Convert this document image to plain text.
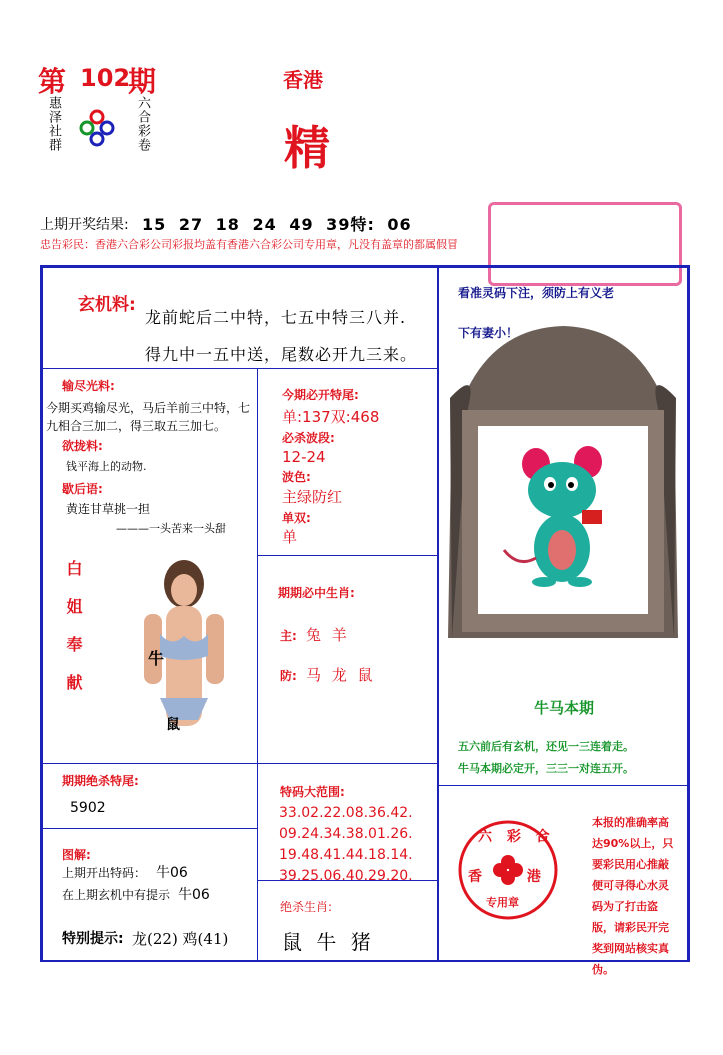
第 102
期
惠泽社群	六合彩卷
香港
精
上期开奖结果: 15 27 18 24 49 39特: 06
忠告彩民：香港六合彩公司彩报均盖有香港六合彩公司专用章，凡没有盖章的都属假冒
玄机料:
龙前蛇后二中特，七五中特三八并.
得九中一五中送，尾数必开九三来。
输尽光料:
今期买鸡输尽光，马后羊前三中特，七九相合三加二，得三取五三加七。
欲拢料:
钱平海上的动物.
歇后语:
黄连甘草挑一担
———一头苦来一头甜
白姐奉献	牛
鼠
期期绝杀特尾:
5902
图解:
上期开出特码： 牛06
在上期玄机中有提示 牛06
特别提示: 龙(22) 鸡(41)
今期必开特尾:
单:137双:468
必杀波段:
12-24
波色:
主绿防红
单双:
单
期期必中生肖:
主: 兔 羊
防: 马 龙 鼠
特码大范围:
33.02.22.08.36.42.
09.24.34.38.01.26.
19.48.41.44.18.14.
39.25.06.40.29.20.
绝杀生肖:
鼠 牛 猪
看准灵码下注，须防上有义老
下有妻小！
牛马本期
五六前后有玄机，还见一三连着走。
牛马本期必定开，三三一对连五开。
六 彩 合
香 港
专用章
本报的准确率高达90%以上，只要彩民用心推敲便可寻得心水灵码为了打击盗版，请彩民开完奖到网站核实真伪。
